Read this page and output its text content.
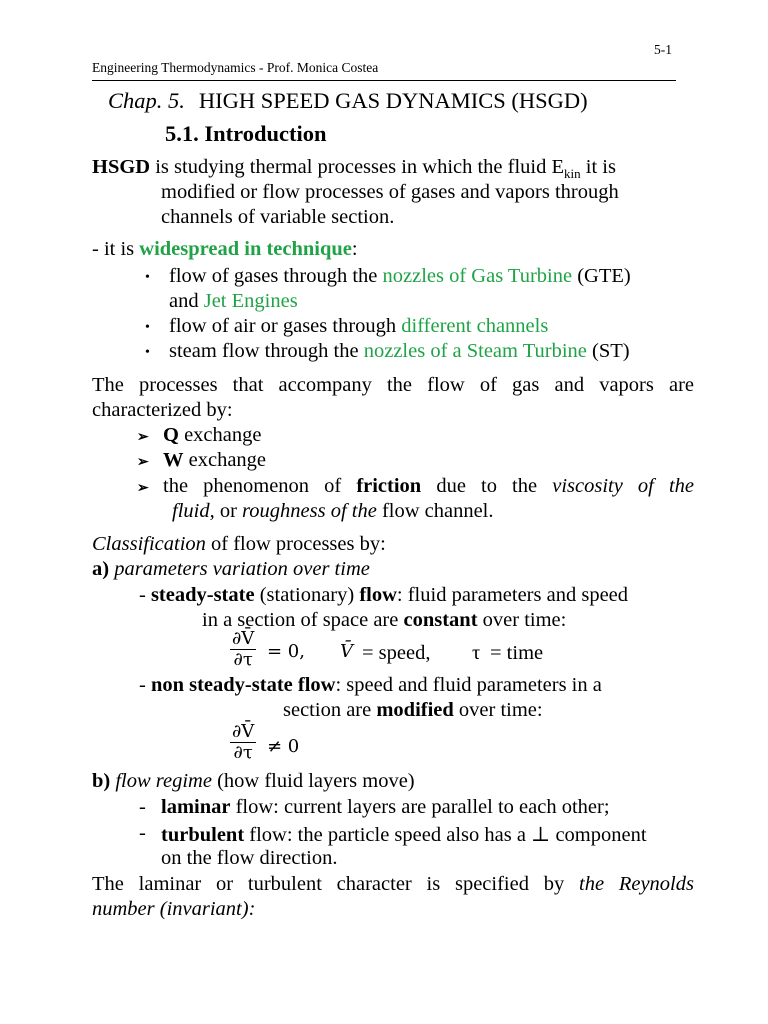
5-1
Engineering Thermodynamics - Prof. Monica Costea
Chap. 5. HIGH SPEED GAS DYNAMICS (HSGD)
5.1. Introduction
HSGD is studying thermal processes in which the fluid $E_{kin}$ it is
modified or flow processes of gases and vapors through
channels of variable section.
- it is widespread in technique:
• flow of gases through the nozzles of Gas Turbine (GTE)
and Jet Engines
• flow of air or gases through different channels
• steam flow through the nozzles of a Steam Turbine (ST)
The processes that accompany the flow of gas and vapors are
characterized by:
➢ Q exchange
➢ W exchange
➢ the phenomenon of friction due to the viscosity of the
fluid, or roughness of the flow channel.
Classification of flow processes by:
a) parameters variation over time
- steady-state (stationary) flow: fluid parameters and speed
in a section of space are constant over time:
$\frac{\partial V̄}{\partial\tau} = 0$, V̄ = speed, τ = time
- non steady-state flow: speed and fluid parameters in a
section are modified over time:
$\frac{\partial V̄}{\partial\tau} \ne 0$
b) flow regime (how fluid layers move)
- laminar flow: current layers are parallel to each other;
- turbulent flow: the particle speed also has a ⊥ component
on the flow direction.
The laminar or turbulent character is specified by the Reynolds
number (invariant):
